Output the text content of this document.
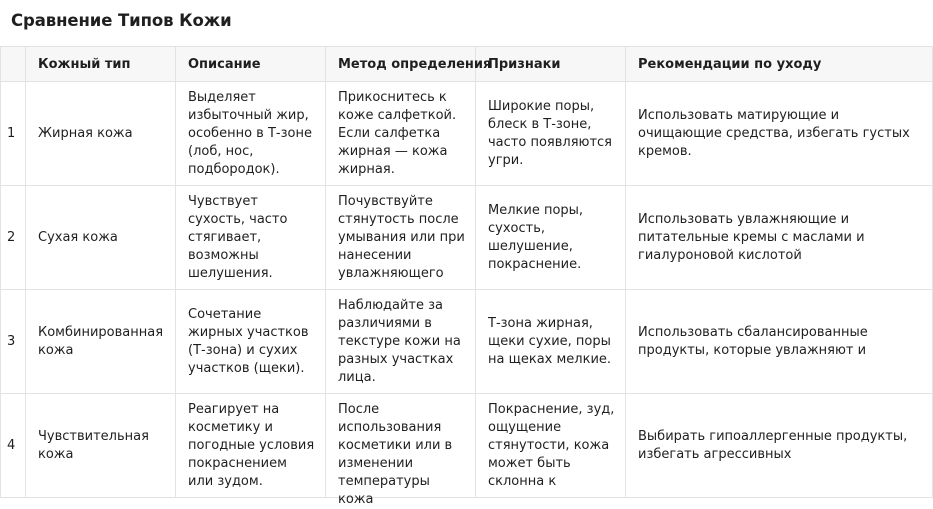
Сравнение Типов Кожи
	Кожный тип	Описание	Метод определения	Признаки	Рекомендации по уходу
1	Жирная кожа	Выделяет избыточный жир, особенно в Т-зоне (лоб, нос, подбородок).	Прикоснитесь к коже салфеткой. Если салфетка жирная — кожа жирная.	Широкие поры, блеск в Т-зоне, часто появляются угри.	Использовать матирующие и очищающие средства, избегать густых кремов.

2	Сухая кожа	Чувствует сухость, часто стягивает, возможны шелушения.	Почувствуйте стянутость после умывания или при нанесении увлажняющего	Мелкие поры, сухость, шелушение, покраснение.	Использовать увлажняющие и питательные кремы с маслами и гиалуроновой кислотой

3	Комбинированная кожа	Сочетание жирных участков (Т-зона) и сухих участков (щеки).	Наблюдайте за различиями в текстуре кожи на разных участках лица.	Т-зона жирная, щеки сухие, поры на щеках мелкие.	Использовать сбалансированные продукты, которые увлажняют и

4	Чувствительная кожа	Реагирует на косметику и погодные условия покраснением или зудом.	После использования косметики или в изменении температуры кожа	Покраснение, зуд, ощущение стянутости, кожа может быть склонна к	Выбирать гипоаллергенные продукты, избегать агрессивных
